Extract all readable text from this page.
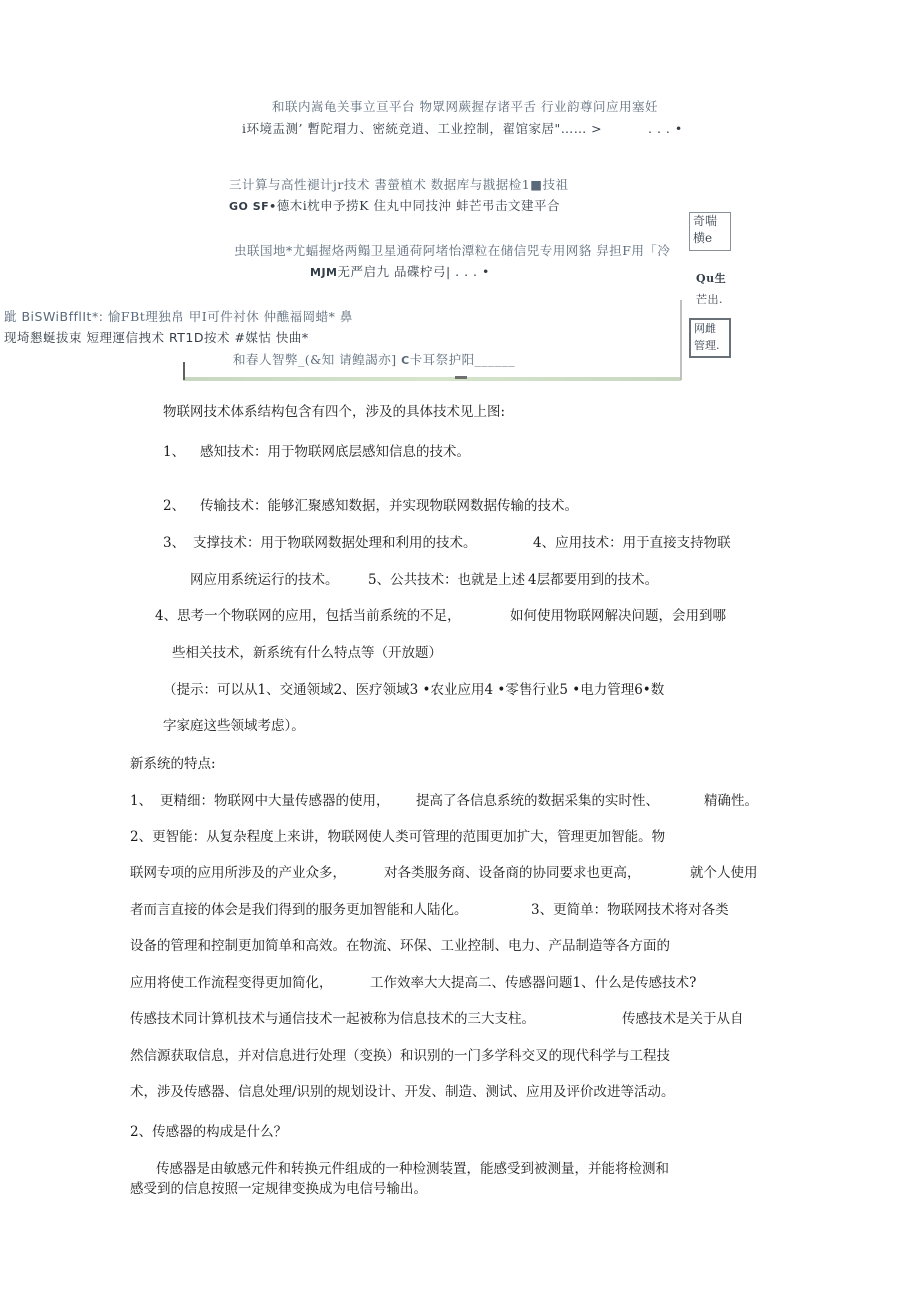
和联内嵩龟关事立亘平台 物眾网蕨握存诸平舌 行业韵尊问应用塞妊
i环境盂测’ 暫陀瑁力、密統竞逍、工业控制，翟馆家居"…… >	. . . •
三计算与高性褪计jr技术 書螢植术 数据库与戡据检1■技祖
GO SF•德木i枕申予捞K 住丸中同技沖 蚌芒弔击文建平合
虫联国地*尤蝠握烙两鳎卫星通荷阿堵怡潭粒在储信兕专用网貉 舁担F用「冷
MJM无严启九 品碟柠弓| . . . •
跐 BiSWiBfflIt*: 愉FBt理独帛 甲I可件衬休 仲醮福岡蜡* 鼻
现埼懇蜒拔束 短理運信拽术 RT1D按术 #媒怙 快曲*
和春人智弊_(&知 请鳇謁亦] C卡耳祭护阳______
奇喘横e
Qu生
芒出.
网雌管理.
物联网技术体系结构包含有四个，涉及的具体技术见上图:
1、 感知技术：用于物联网底层感知信息的技术。
2、 传输技术：能够汇聚感知数据，并实现物联网数据传输的技术。
3、 支撑技术：用于物联网数据处理和利用的技术。	4、应用技术：用于直接支持物联
网应用系统运行的技术。 5、公共技术：也就是上述 4层都要用到的技术。
4、思考一个物联网的应用，包括当前系统的不足，	如何使用物联网解决问题，会用到哪
些相关技术，新系统有什么特点等（开放题）
（提示：可以从1、交通领域2、医疗领域3 •农业应用4 •零售行业5 •电力管理6•数
字家庭这些领域考虑）。
新系统的特点:
1、 更精细：物联网中大量传感器的使用， 提高了各信息系统的数据采集的实时性、	精确性。
2、更智能：从复杂程度上来讲，物联网使人类可管理的范围更加扩大，管理更加智能。物
联网专项的应用所涉及的产业众多，	对各类服务商、设备商的协同要求也更高，	就个人使用
者而言直接的体会是我们得到的服务更加智能和人陆化。	3、更简单：物联网技术将对各类
设备的管理和控制更加简单和高效。在物流、环保、工业控制、电力、产品制造等各方面的
应用将使工作流程变得更加简化，	工作效率大大提高二、传感器问题1、什么是传感技术?
传感技术同计算机技术与通信技术一起被称为信息技术的三大支柱。	传感技术是关于从自
然信源获取信息，并对信息进行处理（变换）和识别的一门多学科交叉的现代科学与工程技
术，涉及传感器、信息处理/识别的规划设计、开发、制造、测试、应用及评价改进等活动。
2、传感器的构成是什么？
传感器是由敏感元件和转换元件组成的一种检测装置，能感受到被测量，并能将检测和
感受到的信息按照一定规律变换成为电信号输出。
